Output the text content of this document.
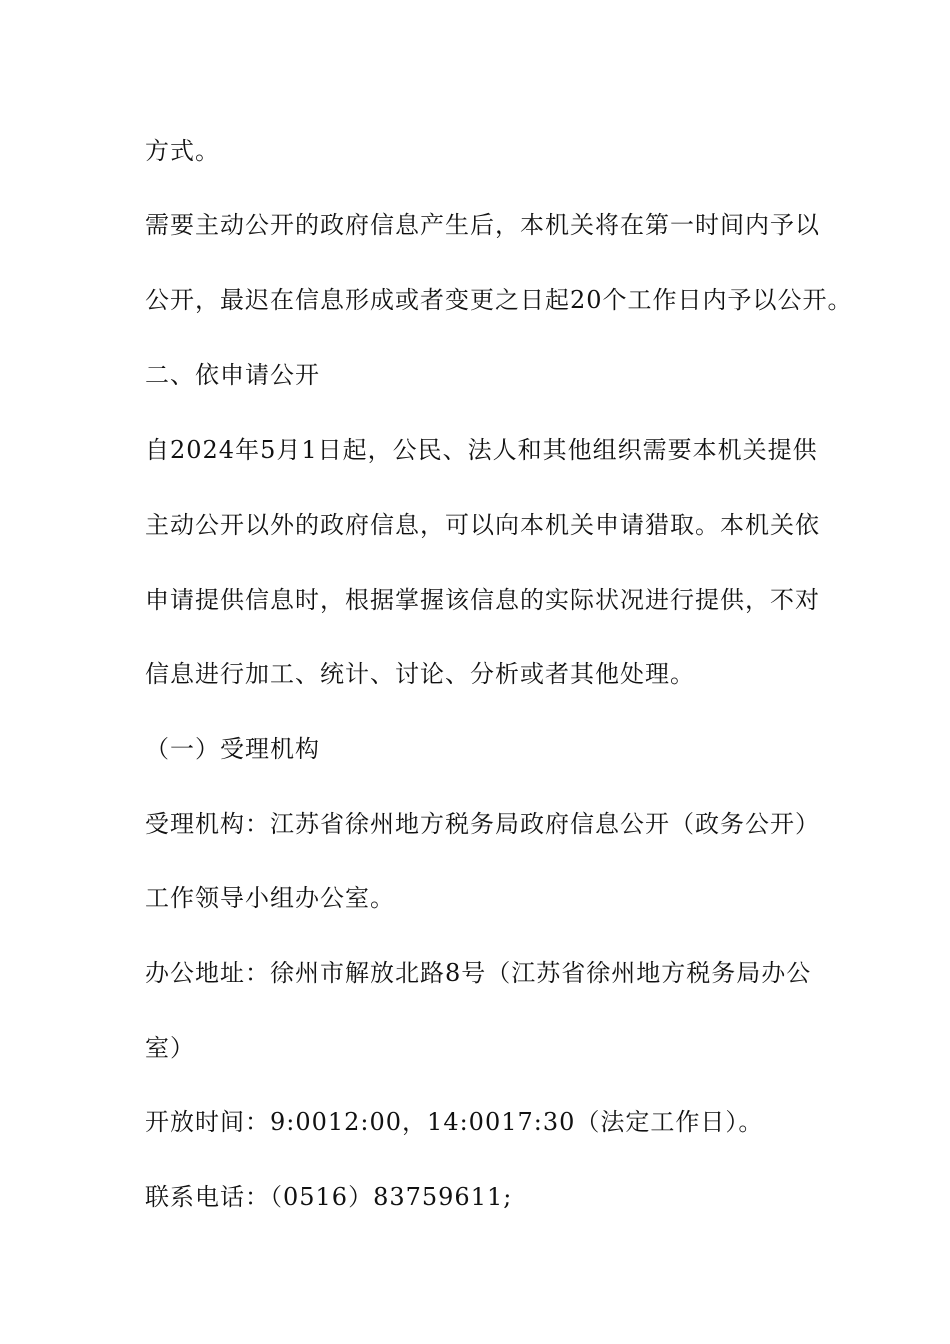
方式。
需要主动公开的政府信息产生后，本机关将在第一时间内予以
公开，最迟在信息形成或者变更之日起20个工作日内予以公开。
二、依申请公开
自2024年5月1日起，公民、法人和其他组织需要本机关提供
主动公开以外的政府信息，可以向本机关申请猎取。本机关依
申请提供信息时，根据掌握该信息的实际状况进行提供，不对
信息进行加工、统计、讨论、分析或者其他处理。
（一）受理机构
受理机构：江苏省徐州地方税务局政府信息公开（政务公开）
工作领导小组办公室。
办公地址：徐州市解放北路8号（江苏省徐州地方税务局办公
室）
开放时间：9:0012:00，14:0017:30（法定工作日）。
联系电话：（0516）83759611;
